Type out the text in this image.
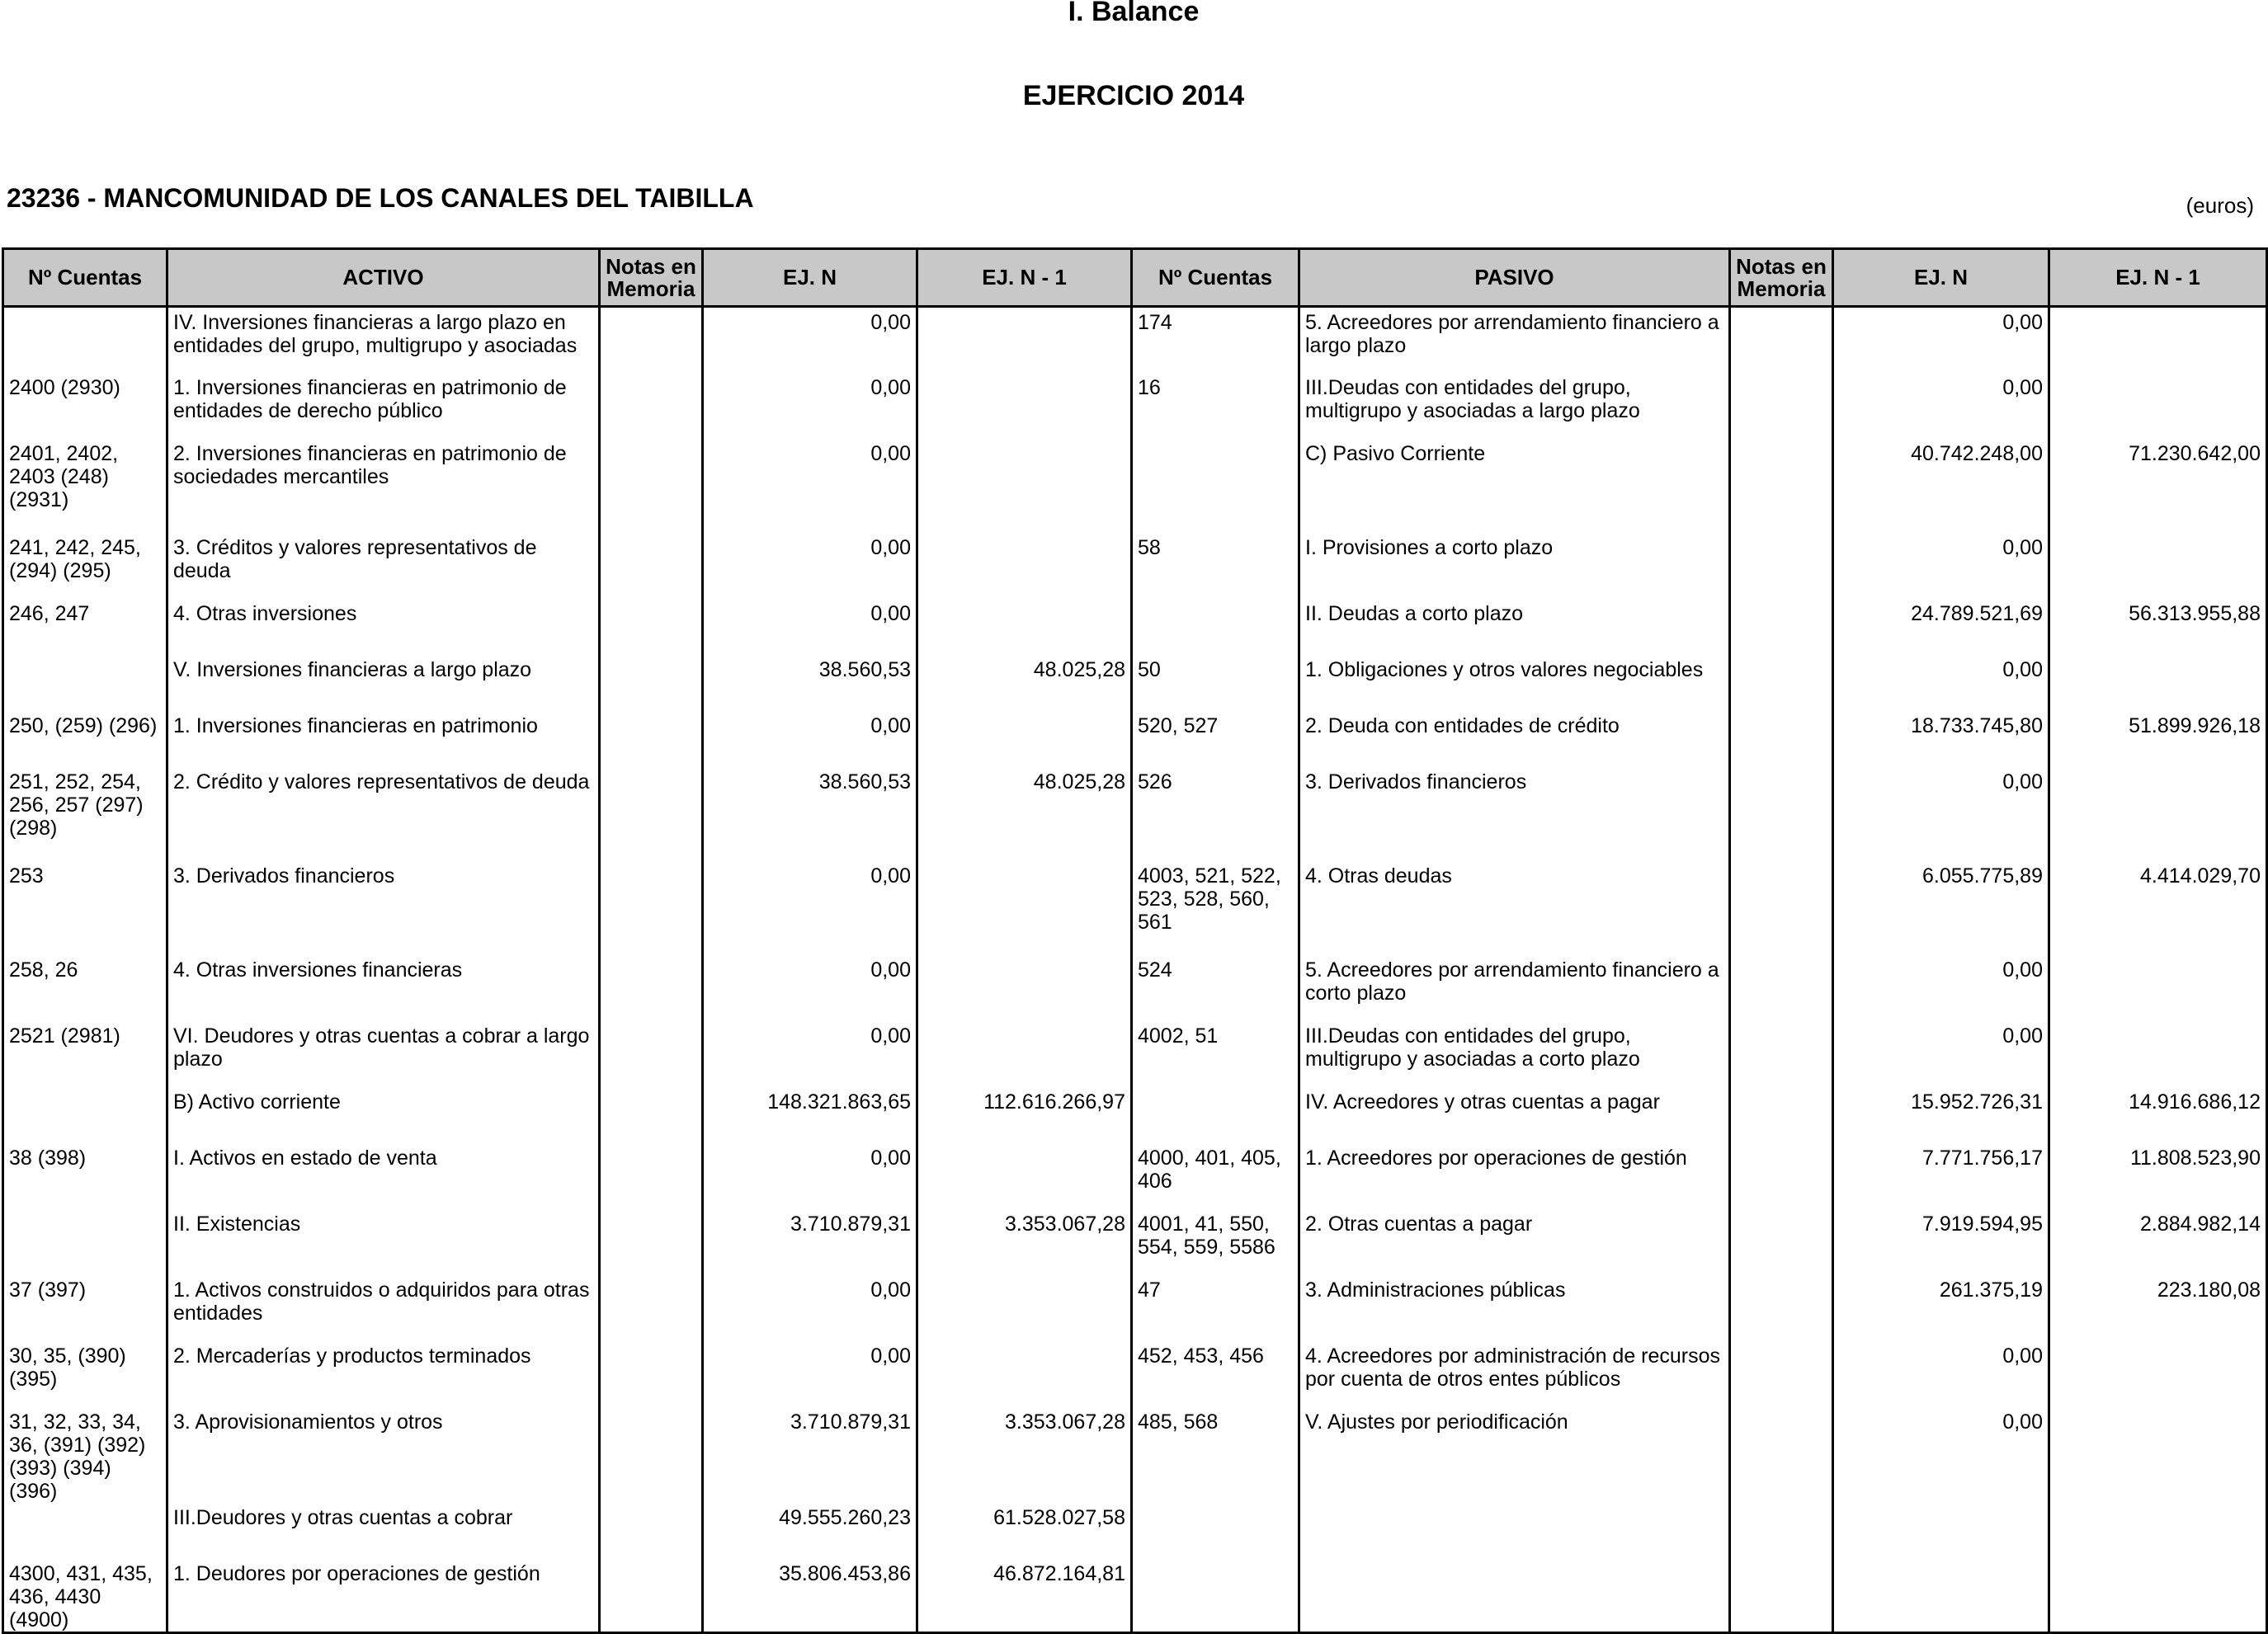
I. Balance
EJERCICIO 2014
23236 - MANCOMUNIDAD DE LOS CANALES DEL TAIBILLA	(euros)
Nº Cuentas	ACTIVO	Notas en Memoria	EJ. N	EJ. N - 1	Nº Cuentas	PASIVO	Notas en Memoria	EJ. N	EJ. N - 1
	IV. Inversiones financieras a largo plazo en entidades del grupo, multigrupo y asociadas		0,00		174	5. Acreedores por arrendamiento financiero a largo plazo		0,00	
2400 (2930)	1. Inversiones financieras en patrimonio de entidades de derecho público		0,00		16	III.Deudas con entidades del grupo, multigrupo y asociadas a largo plazo		0,00	
2401, 2402, 2403 (248) (2931)	2. Inversiones financieras en patrimonio de sociedades mercantiles		0,00			C) Pasivo Corriente		40.742.248,00	71.230.642,00
241, 242, 245, (294) (295)	3. Créditos y valores representativos de deuda		0,00		58	I. Provisiones a corto plazo		0,00	
246, 247	4. Otras inversiones		0,00			II. Deudas a corto plazo		24.789.521,69	56.313.955,88
	V. Inversiones financieras a largo plazo		38.560,53	48.025,28	50	1. Obligaciones y otros valores negociables		0,00	
250, (259) (296)	1. Inversiones financieras en patrimonio		0,00		520, 527	2. Deuda con entidades de crédito		18.733.745,80	51.899.926,18
251, 252, 254, 256, 257 (297) (298)	2. Crédito y valores representativos de deuda		38.560,53	48.025,28	526	3. Derivados financieros		0,00	
253	3. Derivados financieros		0,00		4003, 521, 522, 523, 528, 560, 561	4. Otras deudas		6.055.775,89	4.414.029,70
258, 26	4. Otras inversiones financieras		0,00		524	5. Acreedores por arrendamiento financiero a corto plazo		0,00	
2521 (2981)	VI. Deudores y otras cuentas a cobrar a largo plazo		0,00		4002, 51	III.Deudas con entidades del grupo, multigrupo y asociadas a corto plazo		0,00	
	B) Activo corriente		148.321.863,65	112.616.266,97		IV. Acreedores y otras cuentas a pagar		15.952.726,31	14.916.686,12
38 (398)	I. Activos en estado de venta		0,00		4000, 401, 405, 406	1. Acreedores por operaciones de gestión		7.771.756,17	11.808.523,90
	II. Existencias		3.710.879,31	3.353.067,28	4001, 41, 550, 554, 559, 5586	2. Otras cuentas a pagar		7.919.594,95	2.884.982,14
37 (397)	1. Activos construidos o adquiridos para otras entidades		0,00		47	3. Administraciones públicas		261.375,19	223.180,08
30, 35, (390) (395)	2. Mercaderías y productos terminados		0,00		452, 453, 456	4. Acreedores por administración de recursos por cuenta de otros entes públicos		0,00	
31, 32, 33, 34, 36, (391) (392) (393) (394) (396)	3. Aprovisionamientos y otros		3.710.879,31	3.353.067,28	485, 568	V. Ajustes por periodificación		0,00	
	III.Deudores y otras cuentas a cobrar		49.555.260,23	61.528.027,58					
4300, 431, 435, 436, 4430 (4900)	1. Deudores por operaciones de gestión		35.806.453,86	46.872.164,81					
